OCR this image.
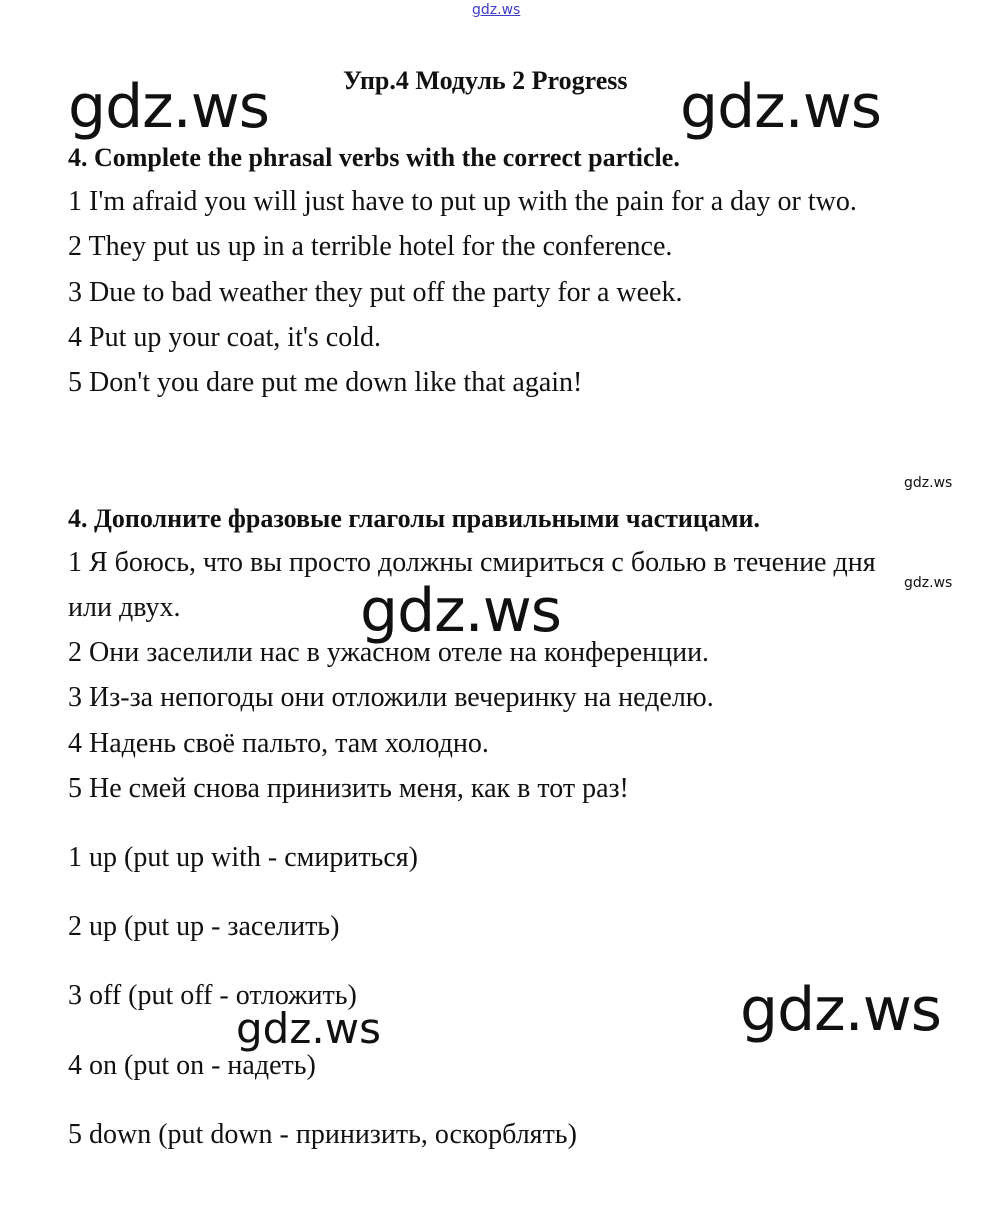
gdz.ws
Упр.4 Модуль 2 Progress
gdz.ws	gdz.ws
4. Complete the phrasal verbs with the correct particle.
1 I'm afraid you will just have to put up with the pain for a day or two.
2 They put us up in a terrible hotel for the conference.
3 Due to bad weather they put off the party for a week.
4 Put up your coat, it's cold.
5 Don't you dare put me down like that again!
gdz.ws
gdz.ws
4. Дополните фразовые глаголы правильными частицами.
1 Я боюсь, что вы просто должны смириться с болью в течение дня
или двух.	gdz.ws
2 Они заселили нас в ужасном отеле на конференции.
3 Из-за непогоды они отложили вечеринку на неделю.
4 Надень своё пальто, там холодно.
5 Не смей снова принизить меня, как в тот раз!
1 up (put up with - смириться)
2 up (put up - заселить)
3 off (put off - отложить)	gdz.ws
gdz.ws
4 on (put on - надеть)
5 down (put down - принизить, оскорблять)
